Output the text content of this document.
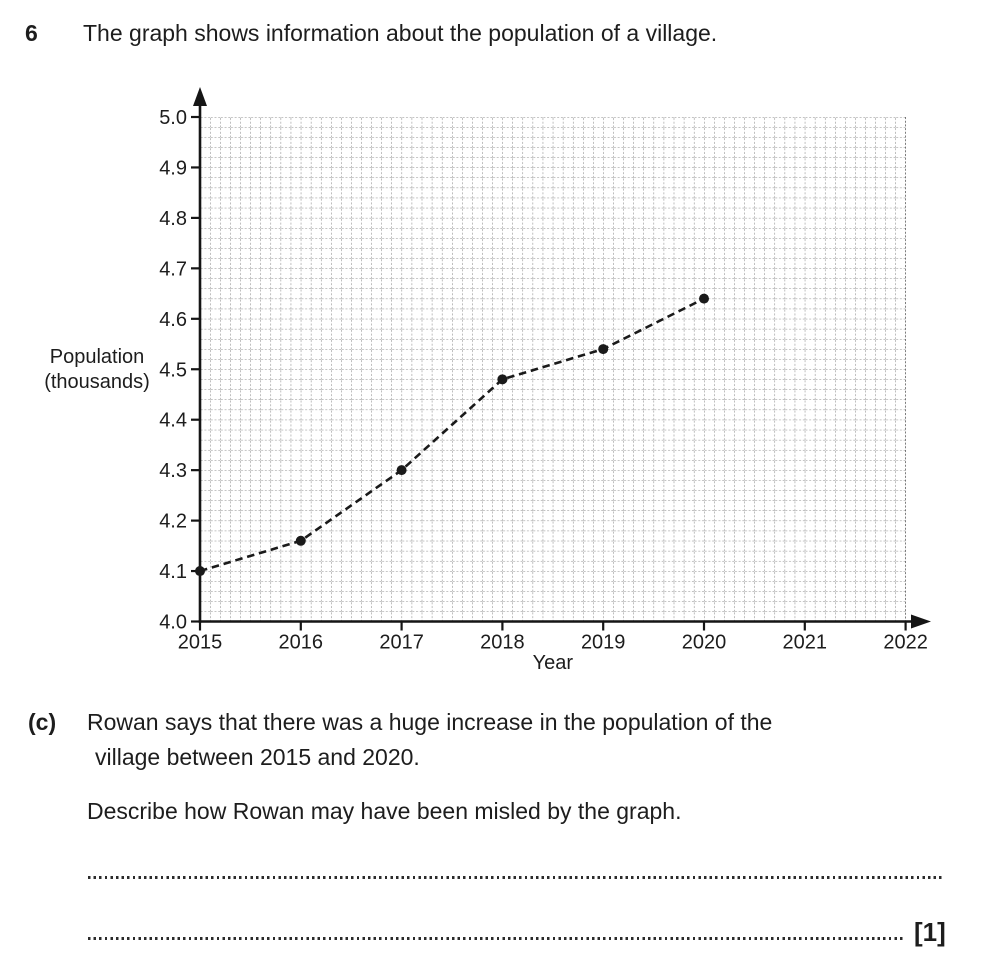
6 The graph shows information about the population of a village.
4.0
4.1
4.2
4.3
4.4
4.5
4.6
4.7
4.8
4.9
5.0
2015	2016	2017	2018	2019	2020	2021	2022
Population (thousands)
Year
(c) Rowan says that there was a huge increase in the population of the
village between 2015 and 2020.
Describe how Rowan may have been misled by the graph.
[1]
